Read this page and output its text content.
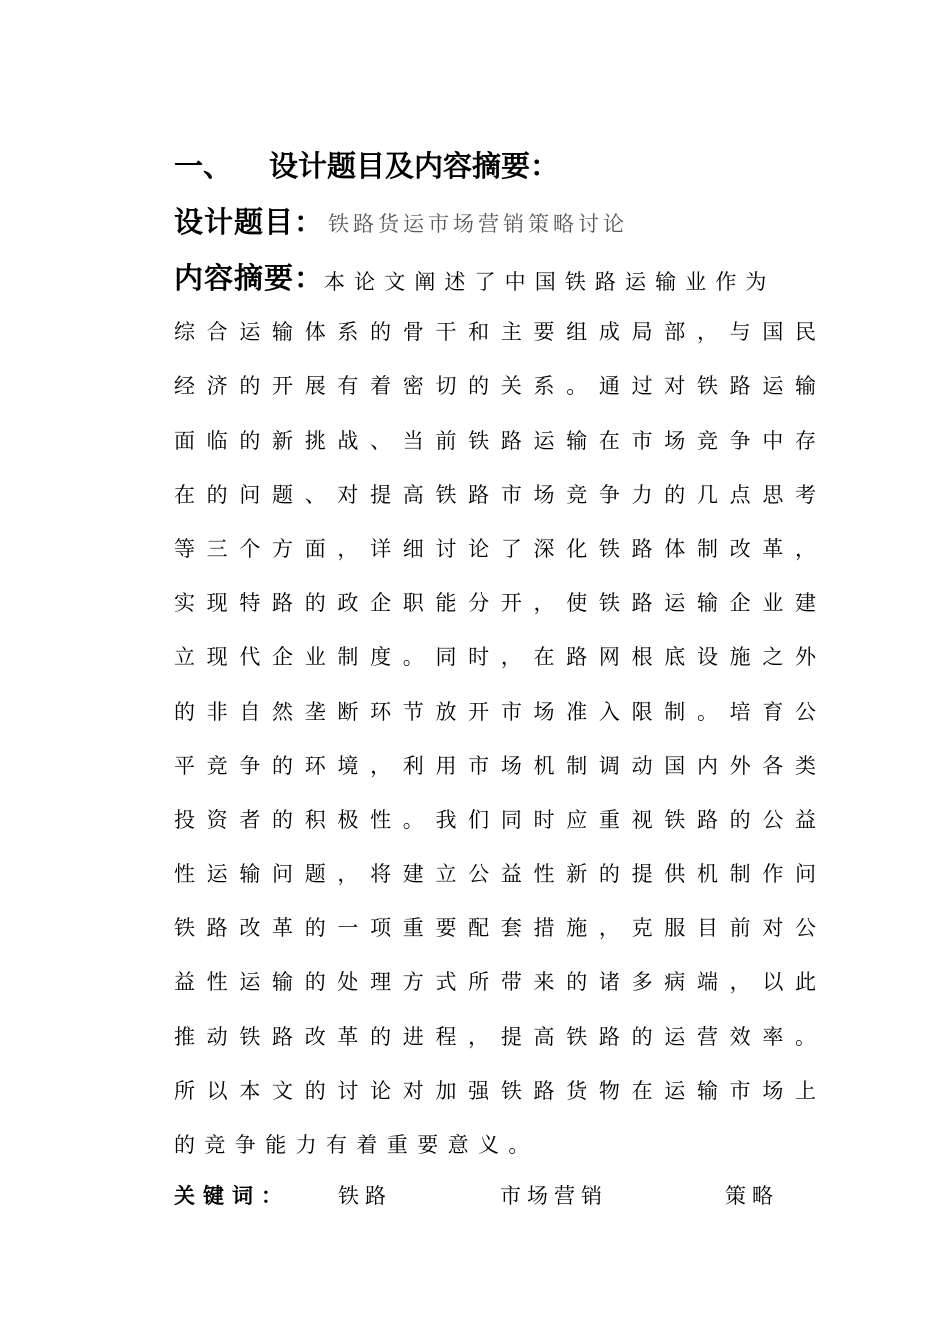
一、 设计题目及内容摘要：
设计题目： 铁路货运市场营销策略讨论
内容摘要：本论文阐述了中国铁路运输业作为
综合运输体系的骨干和主要组成局部，与国民
经济的开展有着密切的关系。通过对铁路运输
面临的新挑战、当前铁路运输在市场竞争中存
在的问题、对提高铁路市场竞争力的几点思考
等三个方面，详细讨论了深化铁路体制改革，
实现特路的政企职能分开，使铁路运输企业建
立现代企业制度。同时，在路网根底设施之外
的非自然垄断环节放开市场准入限制。培育公
平竞争的环境，利用市场机制调动国内外各类
投资者的积极性。我们同时应重视铁路的公益
性运输问题，将建立公益性新的提供机制作问
铁路改革的一项重要配套措施，克服目前对公
益性运输的处理方式所带来的诸多病端，以此
推动铁路改革的进程，提高铁路的运营效率。
所以本文的讨论对加强铁路货物在运输市场上
的竞争能力有着重要意义。
关键词： 铁路	市场营销	策略
